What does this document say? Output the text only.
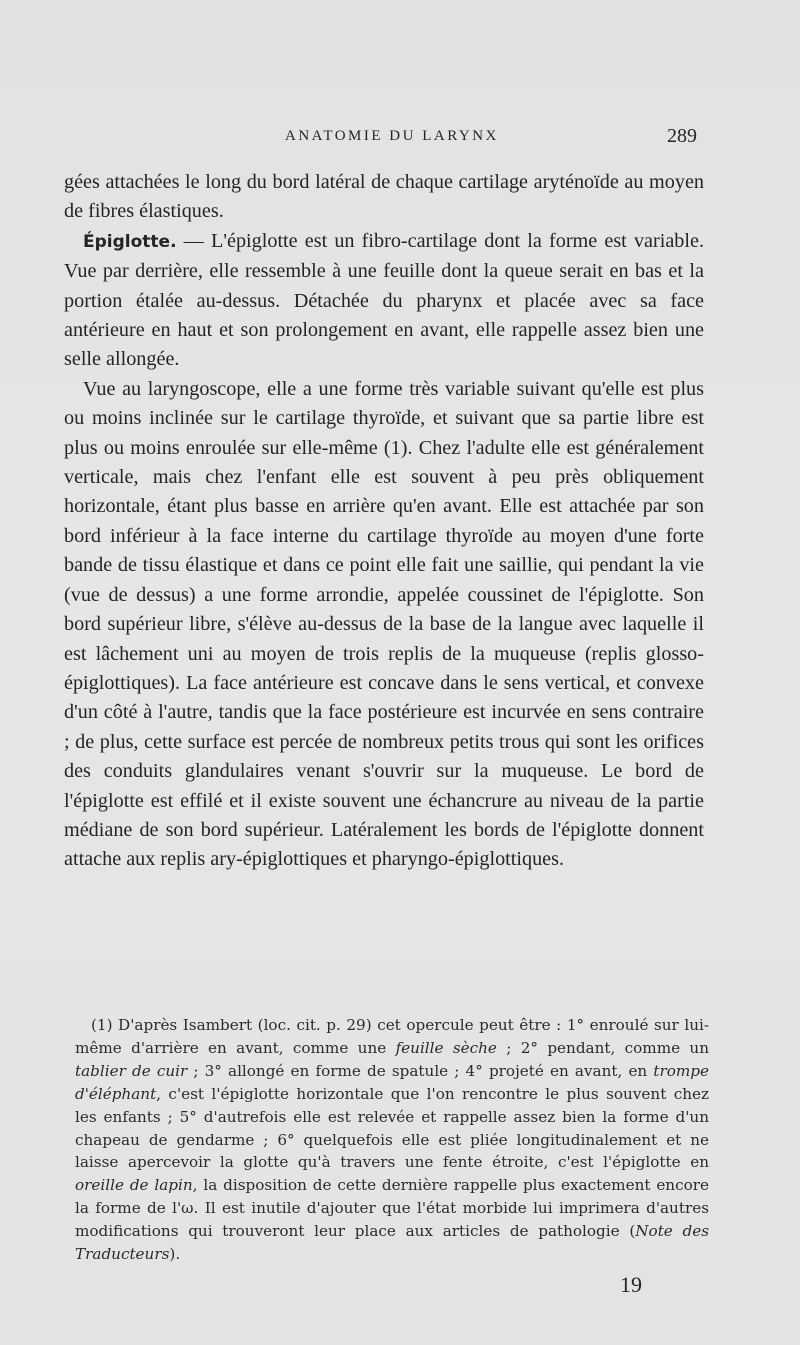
ANATOMIE DU LARYNX	289

gées attachées le long du bord latéral de chaque cartilage aryténoïde au moyen de fibres élastiques.

Épiglotte. — L'épiglotte est un fibro-cartilage dont la forme est variable. Vue par derrière, elle ressemble à une feuille dont la queue serait en bas et la portion étalée au-dessus. Détachée du pharynx et placée avec sa face antérieure en haut et son prolongement en avant, elle rappelle assez bien une selle allongée.

Vue au laryngoscope, elle a une forme très variable suivant qu'elle est plus ou moins inclinée sur le cartilage thyroïde, et suivant que sa partie libre est plus ou moins enroulée sur elle-même (1). Chez l'adulte elle est généralement verticale, mais chez l'enfant elle est souvent à peu près obliquement horizontale, étant plus basse en arrière qu'en avant. Elle est attachée par son bord inférieur à la face interne du cartilage thyroïde au moyen d'une forte bande de tissu élastique et dans ce point elle fait une saillie, qui pendant la vie (vue de dessus) a une forme arrondie, appelée coussinet de l'épiglotte. Son bord supérieur libre, s'élève au-dessus de la base de la langue avec laquelle il est lâchement uni au moyen de trois replis de la muqueuse (replis glosso-épiglottiques). La face antérieure est concave dans le sens vertical, et convexe d'un côté à l'autre, tandis que la face postérieure est incurvée en sens contraire ; de plus, cette surface est percée de nombreux petits trous qui sont les orifices des conduits glandulaires venant s'ouvrir sur la muqueuse. Le bord de l'épiglotte est effilé et il existe souvent une échancrure au niveau de la partie médiane de son bord supérieur. Latéralement les bords de l'épiglotte donnent attache aux replis ary-épiglottiques et pharyngo-épiglottiques.

(1) D'après Isambert (loc. cit. p. 29) cet opercule peut être : 1° enroulé sur lui-même d'arrière en avant, comme une feuille sèche ; 2° pendant, comme un tablier de cuir ; 3° allongé en forme de spatule ; 4° projeté en avant, en trompe d'éléphant, c'est l'épiglotte horizontale que l'on rencontre le plus souvent chez les enfants ; 5° d'autrefois elle est relevée et rappelle assez bien la forme d'un chapeau de gendarme ; 6° quelquefois elle est pliée longitudinalement et ne laisse apercevoir la glotte qu'à travers une fente étroite, c'est l'épiglotte en oreille de lapin, la disposition de cette dernière rappelle plus exactement encore la forme de l'ω. Il est inutile d'ajouter que l'état morbide lui imprimera d'autres modifications qui trouveront leur place aux articles de pathologie (Note des Traducteurs).

19
